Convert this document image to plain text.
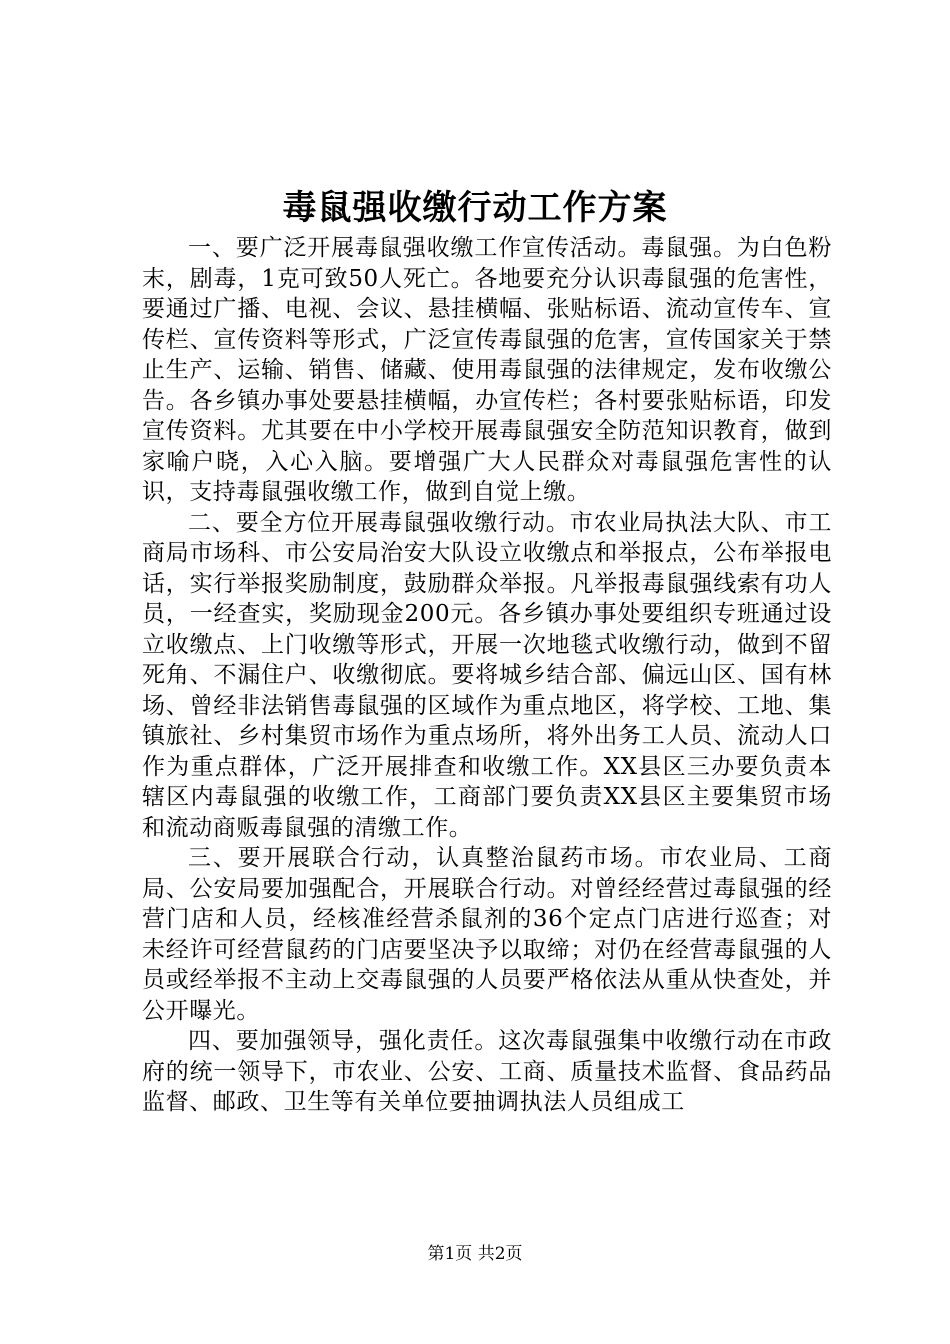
毒鼠强收缴行动工作方案

一、要广泛开展毒鼠强收缴工作宣传活动。毒鼠强。为白色粉末，剧毒，1克可致50人死亡。各地要充分认识毒鼠强的危害性，要通过广播、电视、会议、悬挂横幅、张贴标语、流动宣传车、宣传栏、宣传资料等形式，广泛宣传毒鼠强的危害，宣传国家关于禁止生产、运输、销售、储藏、使用毒鼠强的法律规定，发布收缴公告。各乡镇办事处要悬挂横幅，办宣传栏；各村要张贴标语，印发宣传资料。尤其要在中小学校开展毒鼠强安全防范知识教育，做到家喻户晓，入心入脑。要增强广大人民群众对毒鼠强危害性的认识，支持毒鼠强收缴工作，做到自觉上缴。

二、要全方位开展毒鼠强收缴行动。市农业局执法大队、市工商局市场科、市公安局治安大队设立收缴点和举报点，公布举报电话，实行举报奖励制度，鼓励群众举报。凡举报毒鼠强线索有功人员，一经查实，奖励现金200元。各乡镇办事处要组织专班通过设立收缴点、上门收缴等形式，开展一次地毯式收缴行动，做到不留死角、不漏住户、收缴彻底。要将城乡结合部、偏远山区、国有林场、曾经非法销售毒鼠强的区域作为重点地区，将学校、工地、集镇旅社、乡村集贸市场作为重点场所，将外出务工人员、流动人口作为重点群体，广泛开展排查和收缴工作。XX县区三办要负责本辖区内毒鼠强的收缴工作，工商部门要负责XX县区主要集贸市场和流动商贩毒鼠强的清缴工作。

三、要开展联合行动，认真整治鼠药市场。市农业局、工商局、公安局要加强配合，开展联合行动。对曾经经营过毒鼠强的经营门店和人员，经核准经营杀鼠剂的36个定点门店进行巡查；对未经许可经营鼠药的门店要坚决予以取缔；对仍在经营毒鼠强的人员或经举报不主动上交毒鼠强的人员要严格依法从重从快查处，并公开曝光。

四、要加强领导，强化责任。这次毒鼠强集中收缴行动在市政府的统一领导下，市农业、公安、工商、质量技术监督、食品药品监督、邮政、卫生等有关单位要抽调执法人员组成工

第1页 共2页
